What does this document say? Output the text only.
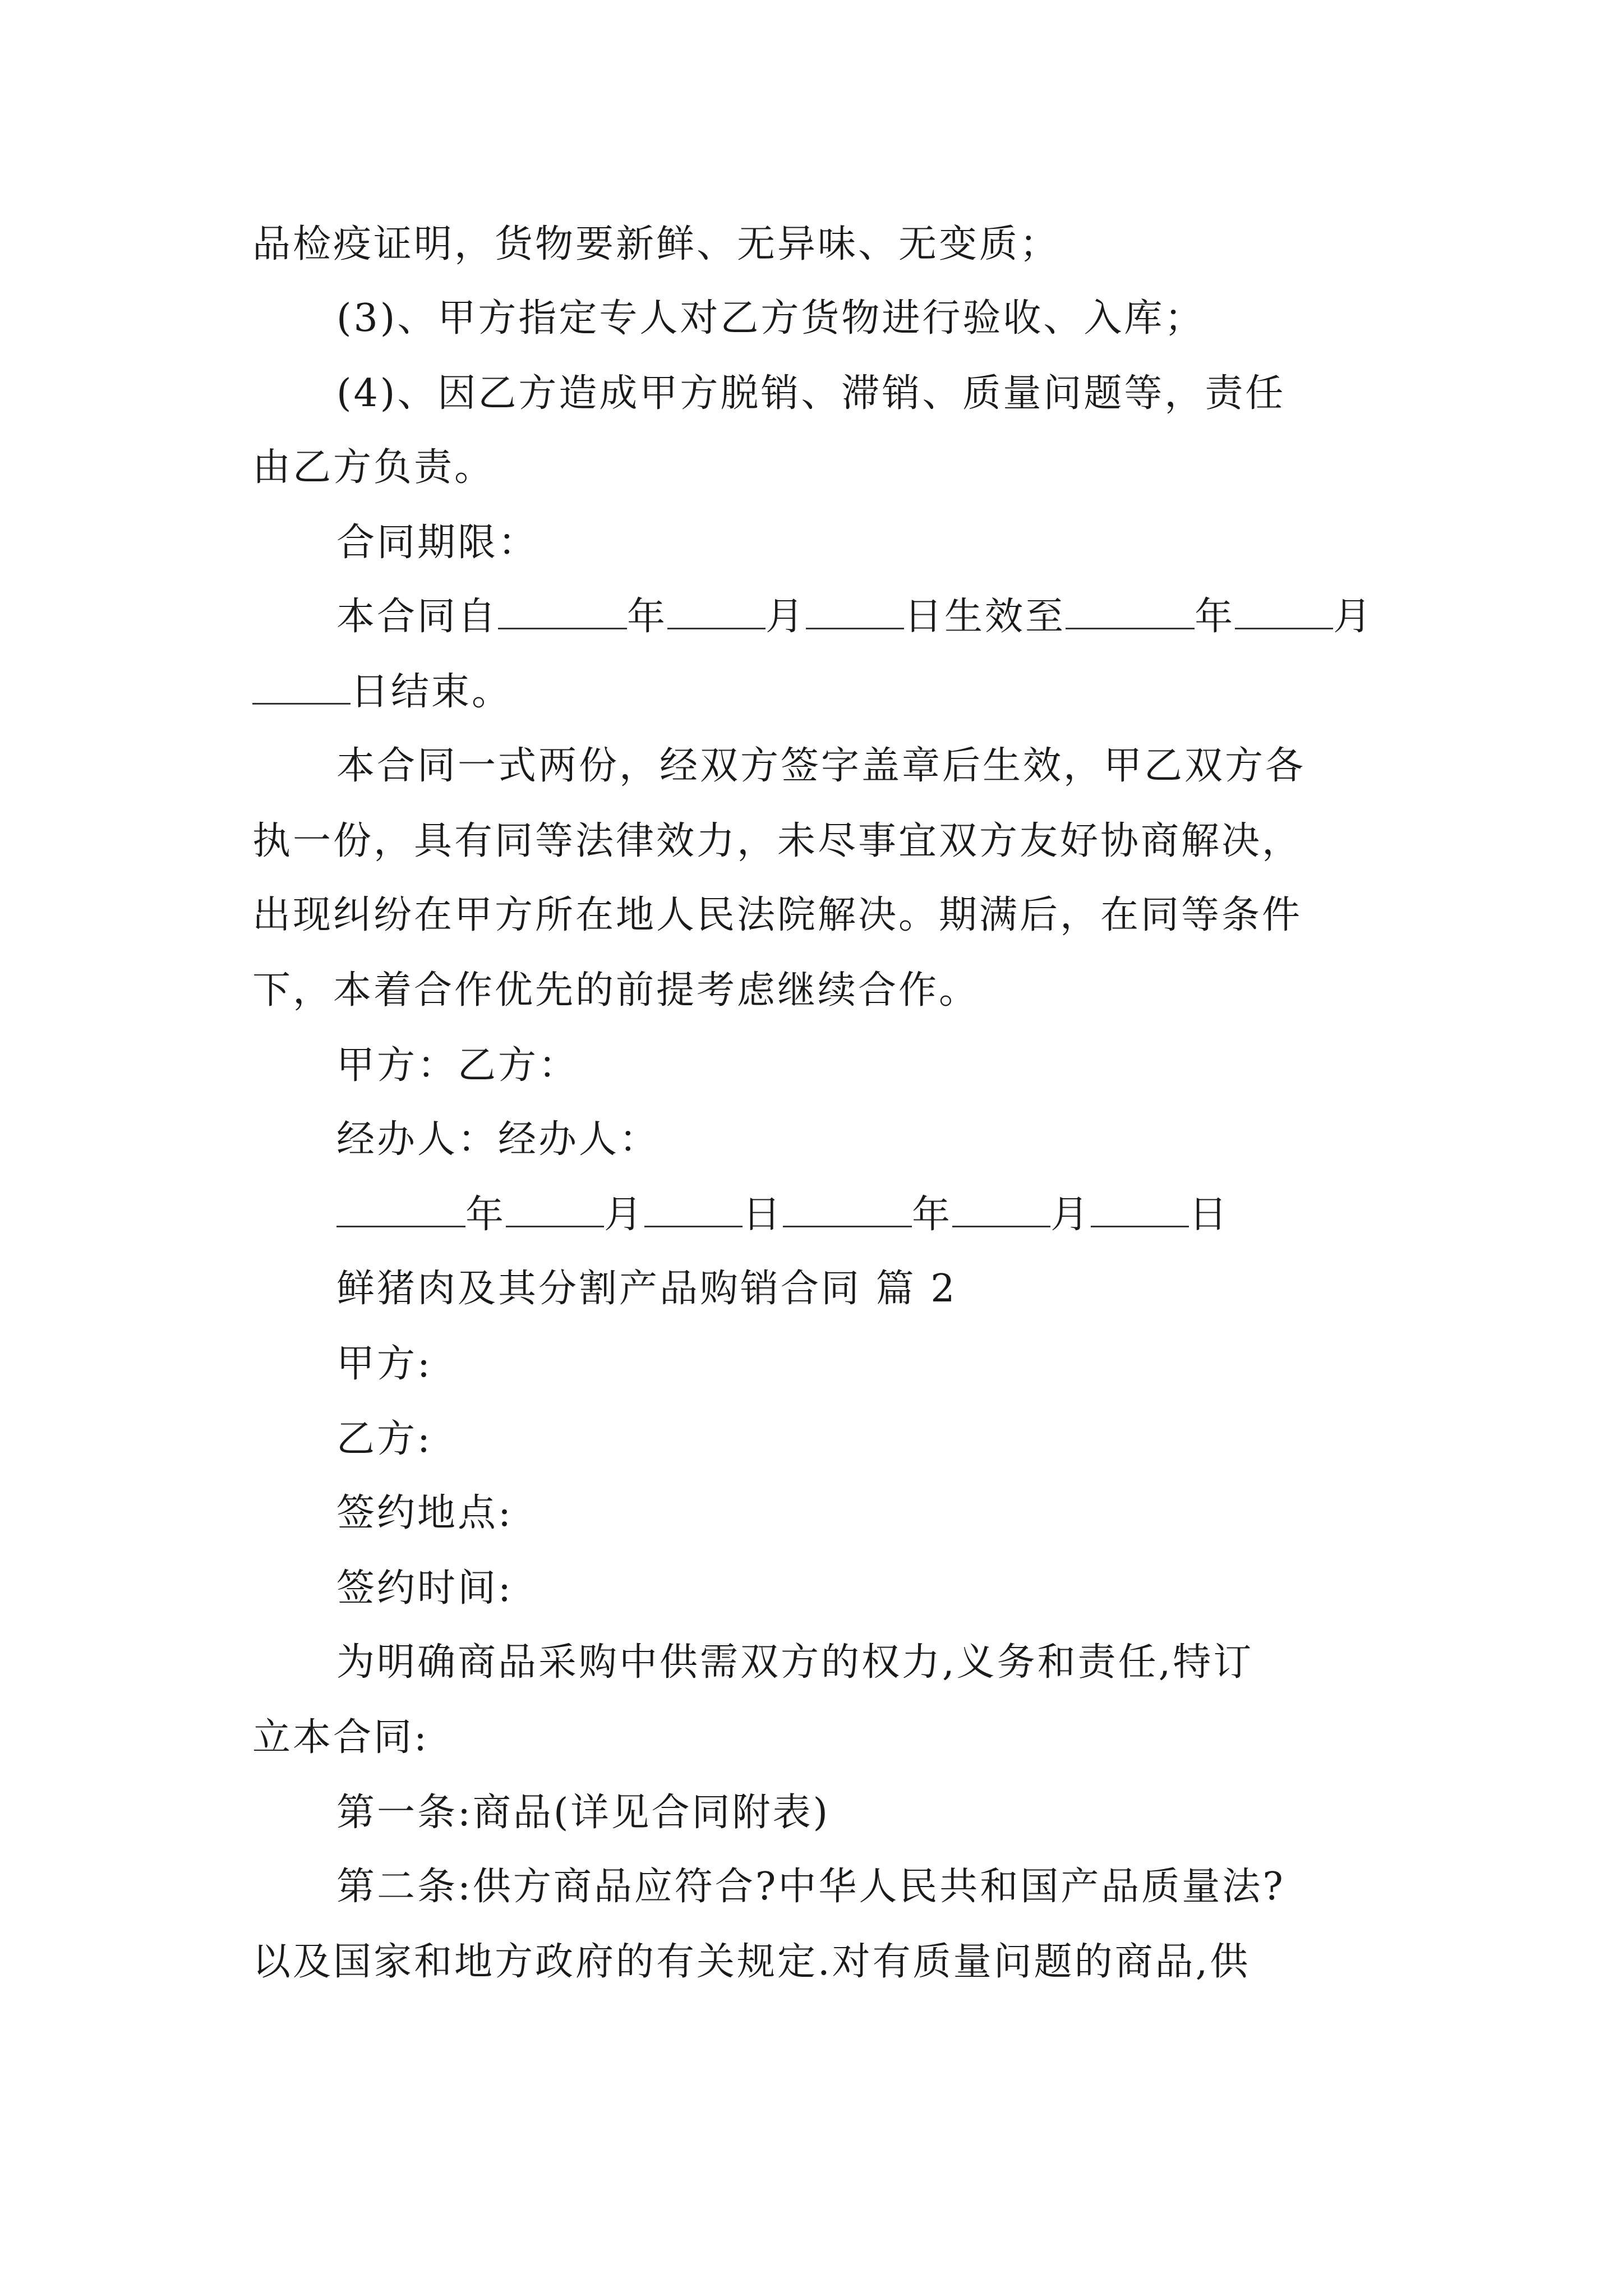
品检疫证明，货物要新鲜、无异味、无变质；
(3)、甲方指定专人对乙方货物进行验收、入库；
(4)、因乙方造成甲方脱销、滞销、质量问题等，责任
由乙方负责。
合同期限：
本合同自	年	月	日生效至	年	月
日结束。
本合同一式两份，经双方签字盖章后生效，甲乙双方各
执一份，具有同等法律效力，未尽事宜双方友好协商解决，
出现纠纷在甲方所在地人民法院解决。期满后，在同等条件
下，本着合作优先的前提考虑继续合作。
甲方：乙方：
经办人：经办人：
年	月	日	年	月	日
鲜猪肉及其分割产品购销合同 篇 2
甲方:
乙方:
签约地点:
签约时间:
为明确商品采购中供需双方的权力,义务和责任,特订
立本合同:
第一条:商品(详见合同附表)
第二条:供方商品应符合?中华人民共和国产品质量法?
以及国家和地方政府的有关规定.对有质量问题的商品,供
